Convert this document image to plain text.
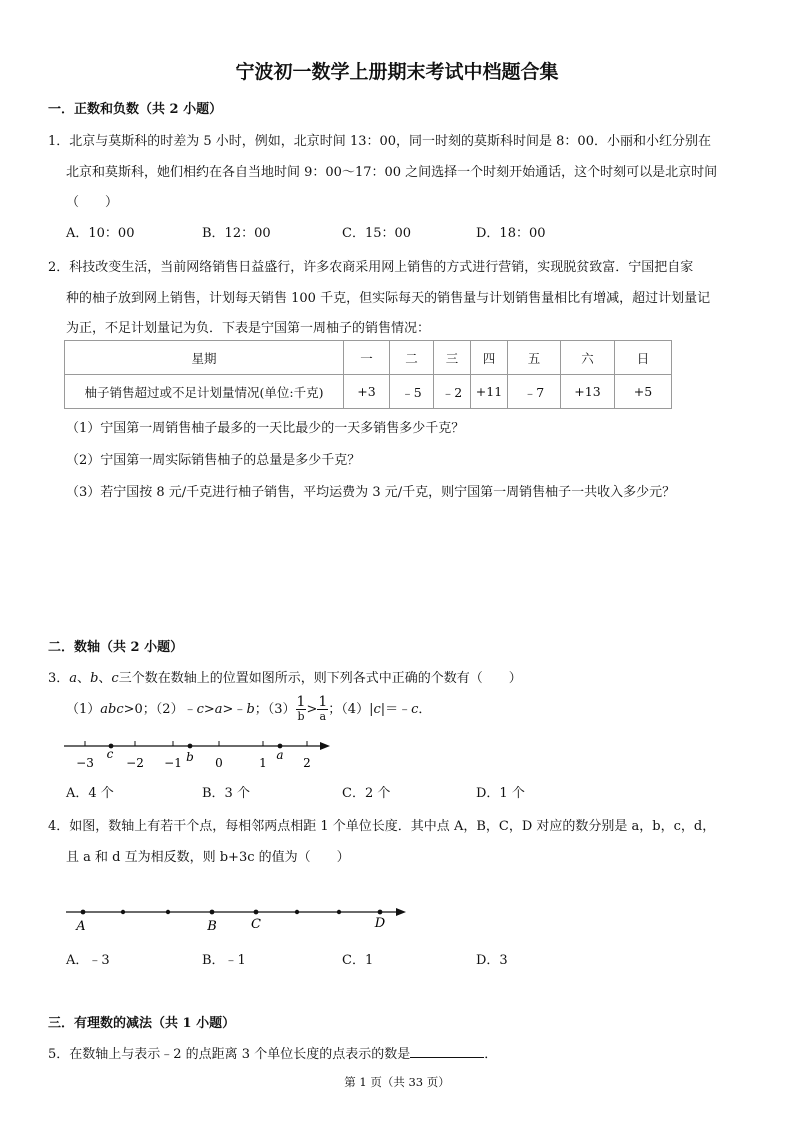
宁波初一数学上册期末考试中档题合集
一．正数和负数（共 2 小题）
1．北京与莫斯科的时差为 5 小时，例如，北京时间 13：00，同一时刻的莫斯科时间是 8：00．小丽和小红分别在
北京和莫斯科，她们相约在各自当地时间 9：00～17：00 之间选择一个时刻开始通话，这个时刻可以是北京时间
（　　）
A．10：00	B．12：00	C．15：00	D．18：00
2．科技改变生活，当前网络销售日益盛行，许多农商采用网上销售的方式进行营销，实现脱贫致富．宁国把自家
种的柚子放到网上销售，计划每天销售 100 千克，但实际每天的销售量与计划销售量相比有增减，超过计划量记
为正，不足计划量记为负．下表是宁国第一周柚子的销售情况：
星期	一	二	三	四	五	六	日
柚子销售超过或不足计划量情况(单位:千克)	+3	﹣5	﹣2	+11	﹣7	+13	+5
（1）宁国第一周销售柚子最多的一天比最少的一天多销售多少千克？
（2）宁国第一周实际销售柚子的总量是多少千克？
（3）若宁国按 8 元/千克进行柚子销售，平均运费为 3 元/千克，则宁国第一周销售柚子一共收入多少元？
二．数轴（共 2 小题）
3．a、b、c三个数在数轴上的位置如图所示，则下列各式中正确的个数有（　　）
（1）abc>0；（2）﹣c>a>﹣b；$(3) \frac{1}{b} > \frac{1}{a}$ ；（4）|c|＝﹣c．
c	b	a
−3	−2 −1	0	1	2
A．4 个	B．3 个	C．2 个	D．1 个
4．如图，数轴上有若干个点，每相邻两点相距 1 个单位长度．其中点 A，B，C，D 对应的数分别是 a，b，c，d，
且 a 和 d 互为相反数，则 b+3c 的值为（　　）
A	B	C	D
A．﹣3	B．﹣1	C．1	D．3
三．有理数的减法（共 1 小题）
5．在数轴上与表示﹣2 的点距离 3 个单位长度的点表示的数是	．
第 1 页（共 33 页）
